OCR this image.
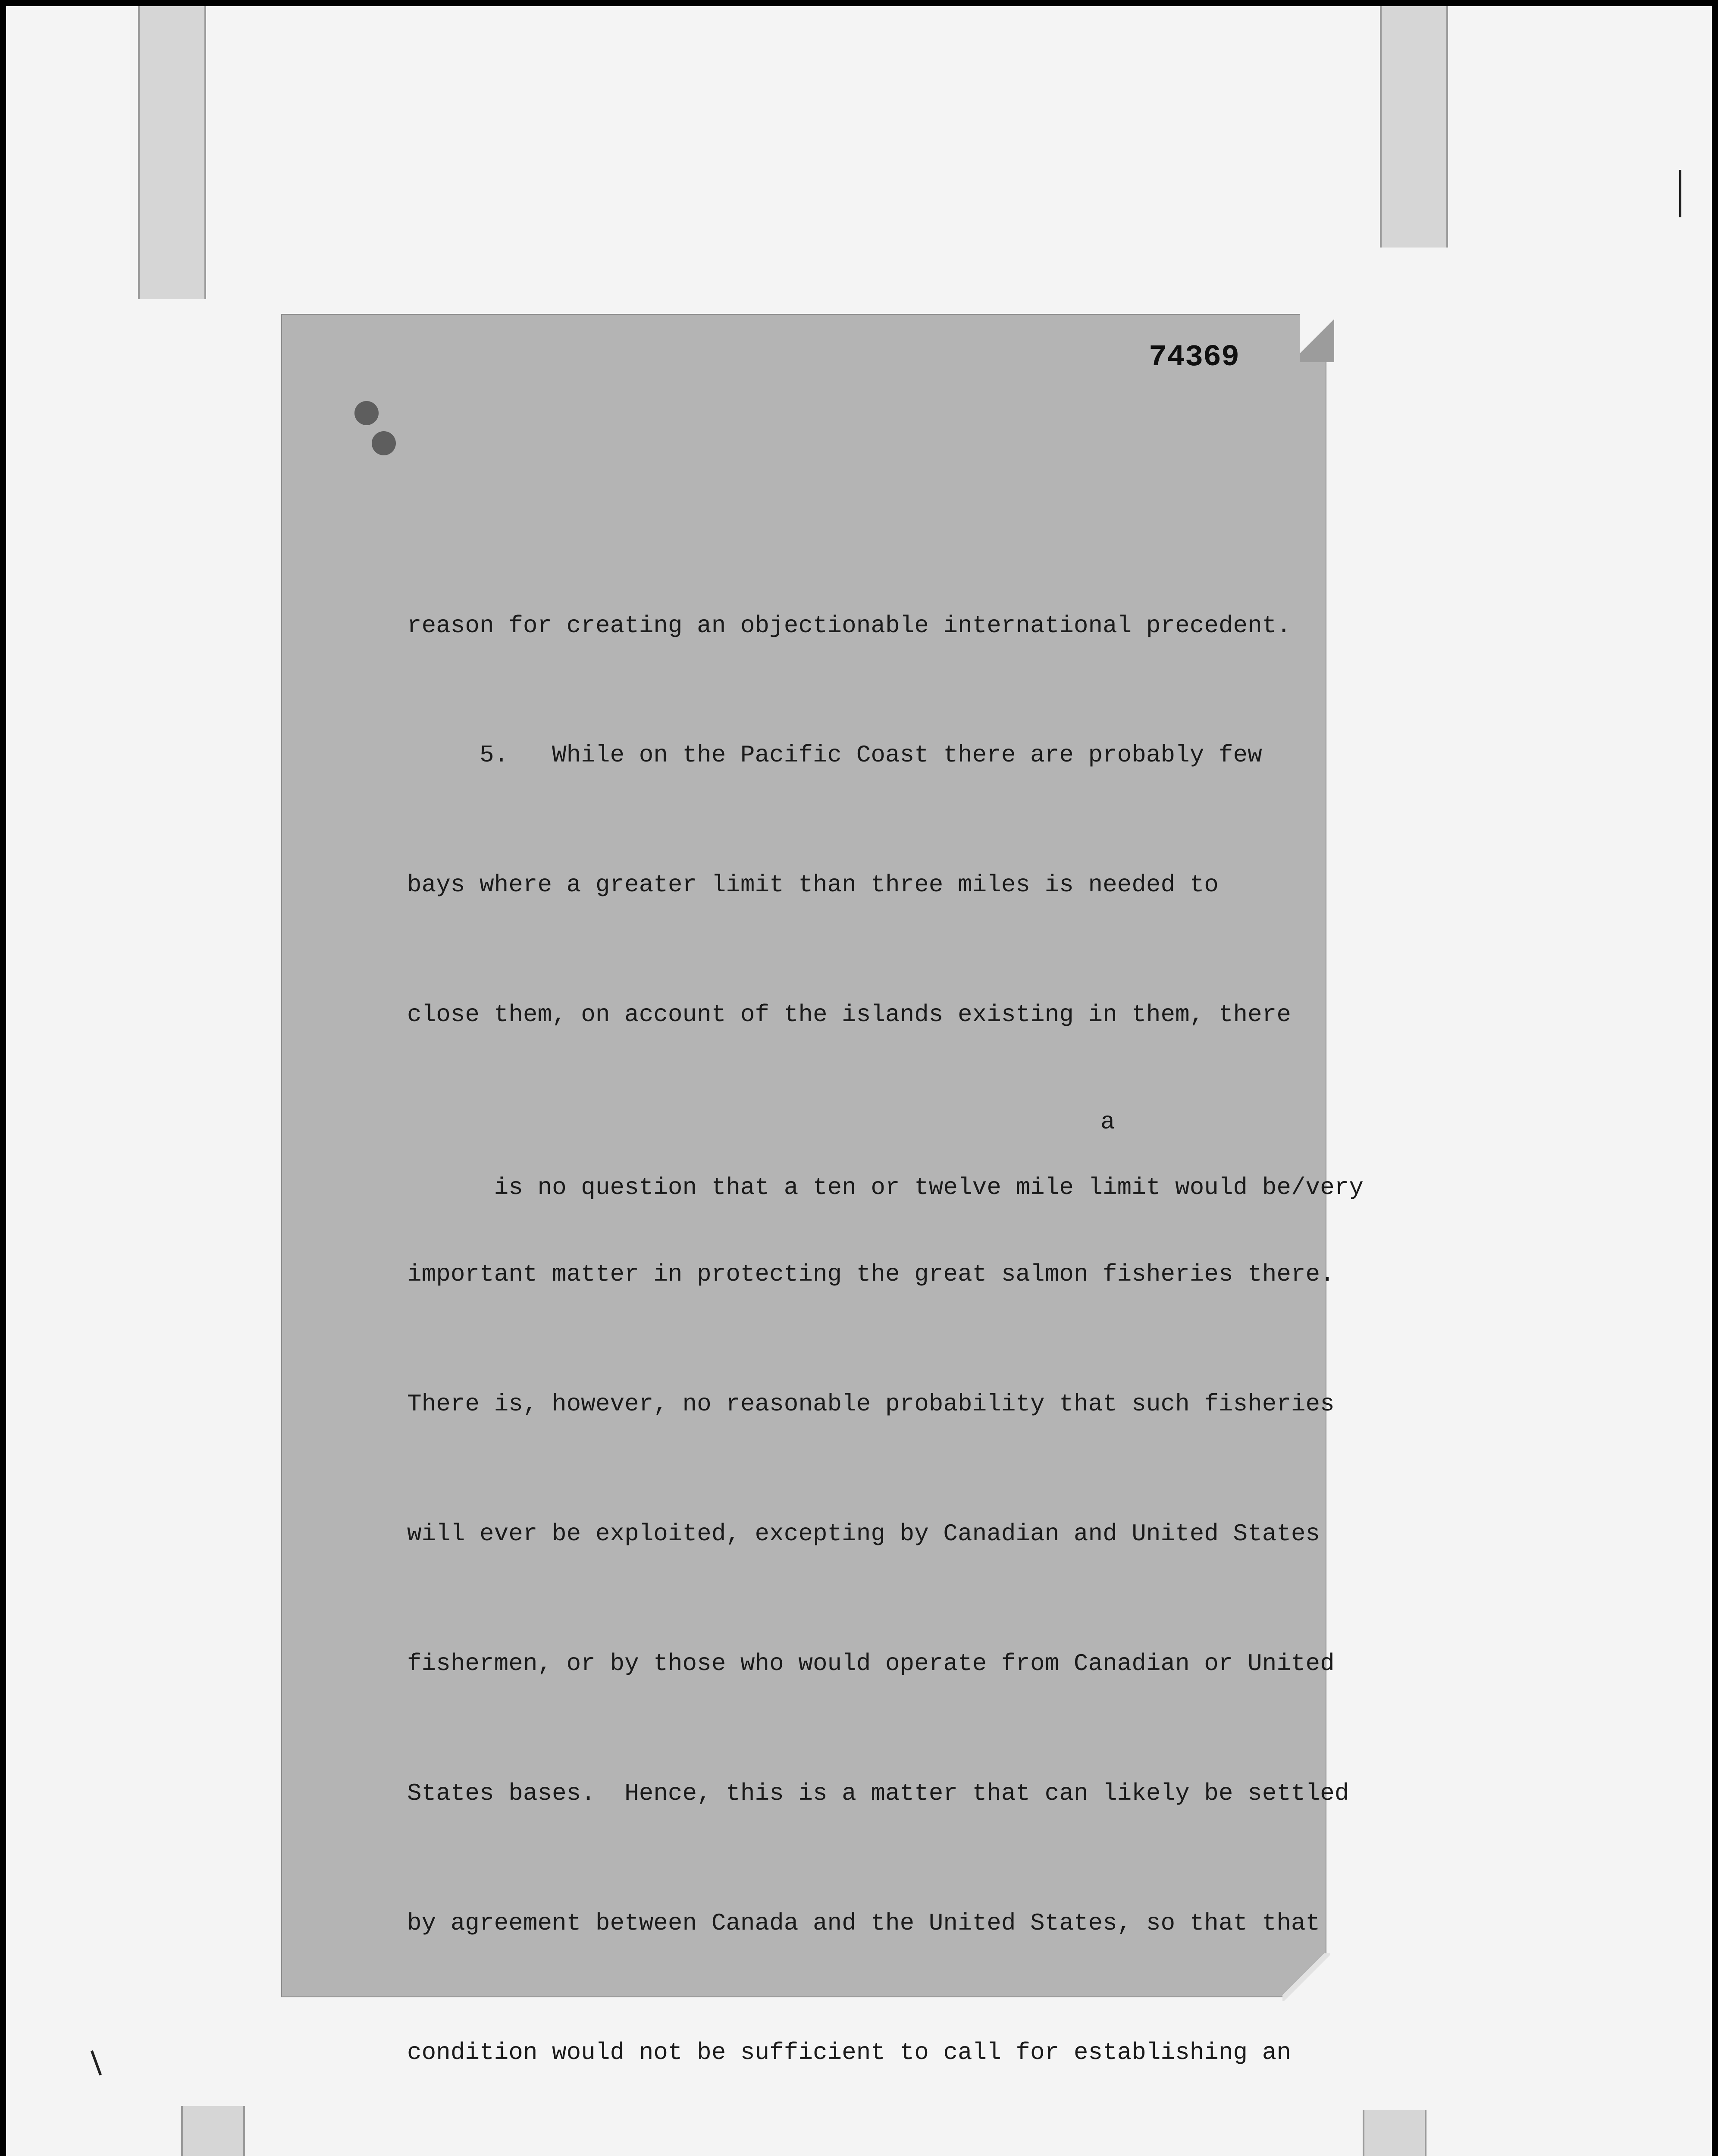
74369

reason for creating an objectionable international precedent.

5.   While on the Pacific Coast there are probably few

bays where a greater limit than three miles is needed to

close them, on account of the islands existing in them, there

is no question that a ten or twelve mile limit would be/very

a

important matter in protecting the great salmon fisheries there.

There is, however, no reasonable probability that such fisheries

will ever be exploited, excepting by Canadian and United States

fishermen, or by those who would operate from Canadian or United

States bases.  Hence, this is a matter that can likely be settled

by agreement between Canada and the United States, so that that

condition would not be sufficient to call for establishing an
